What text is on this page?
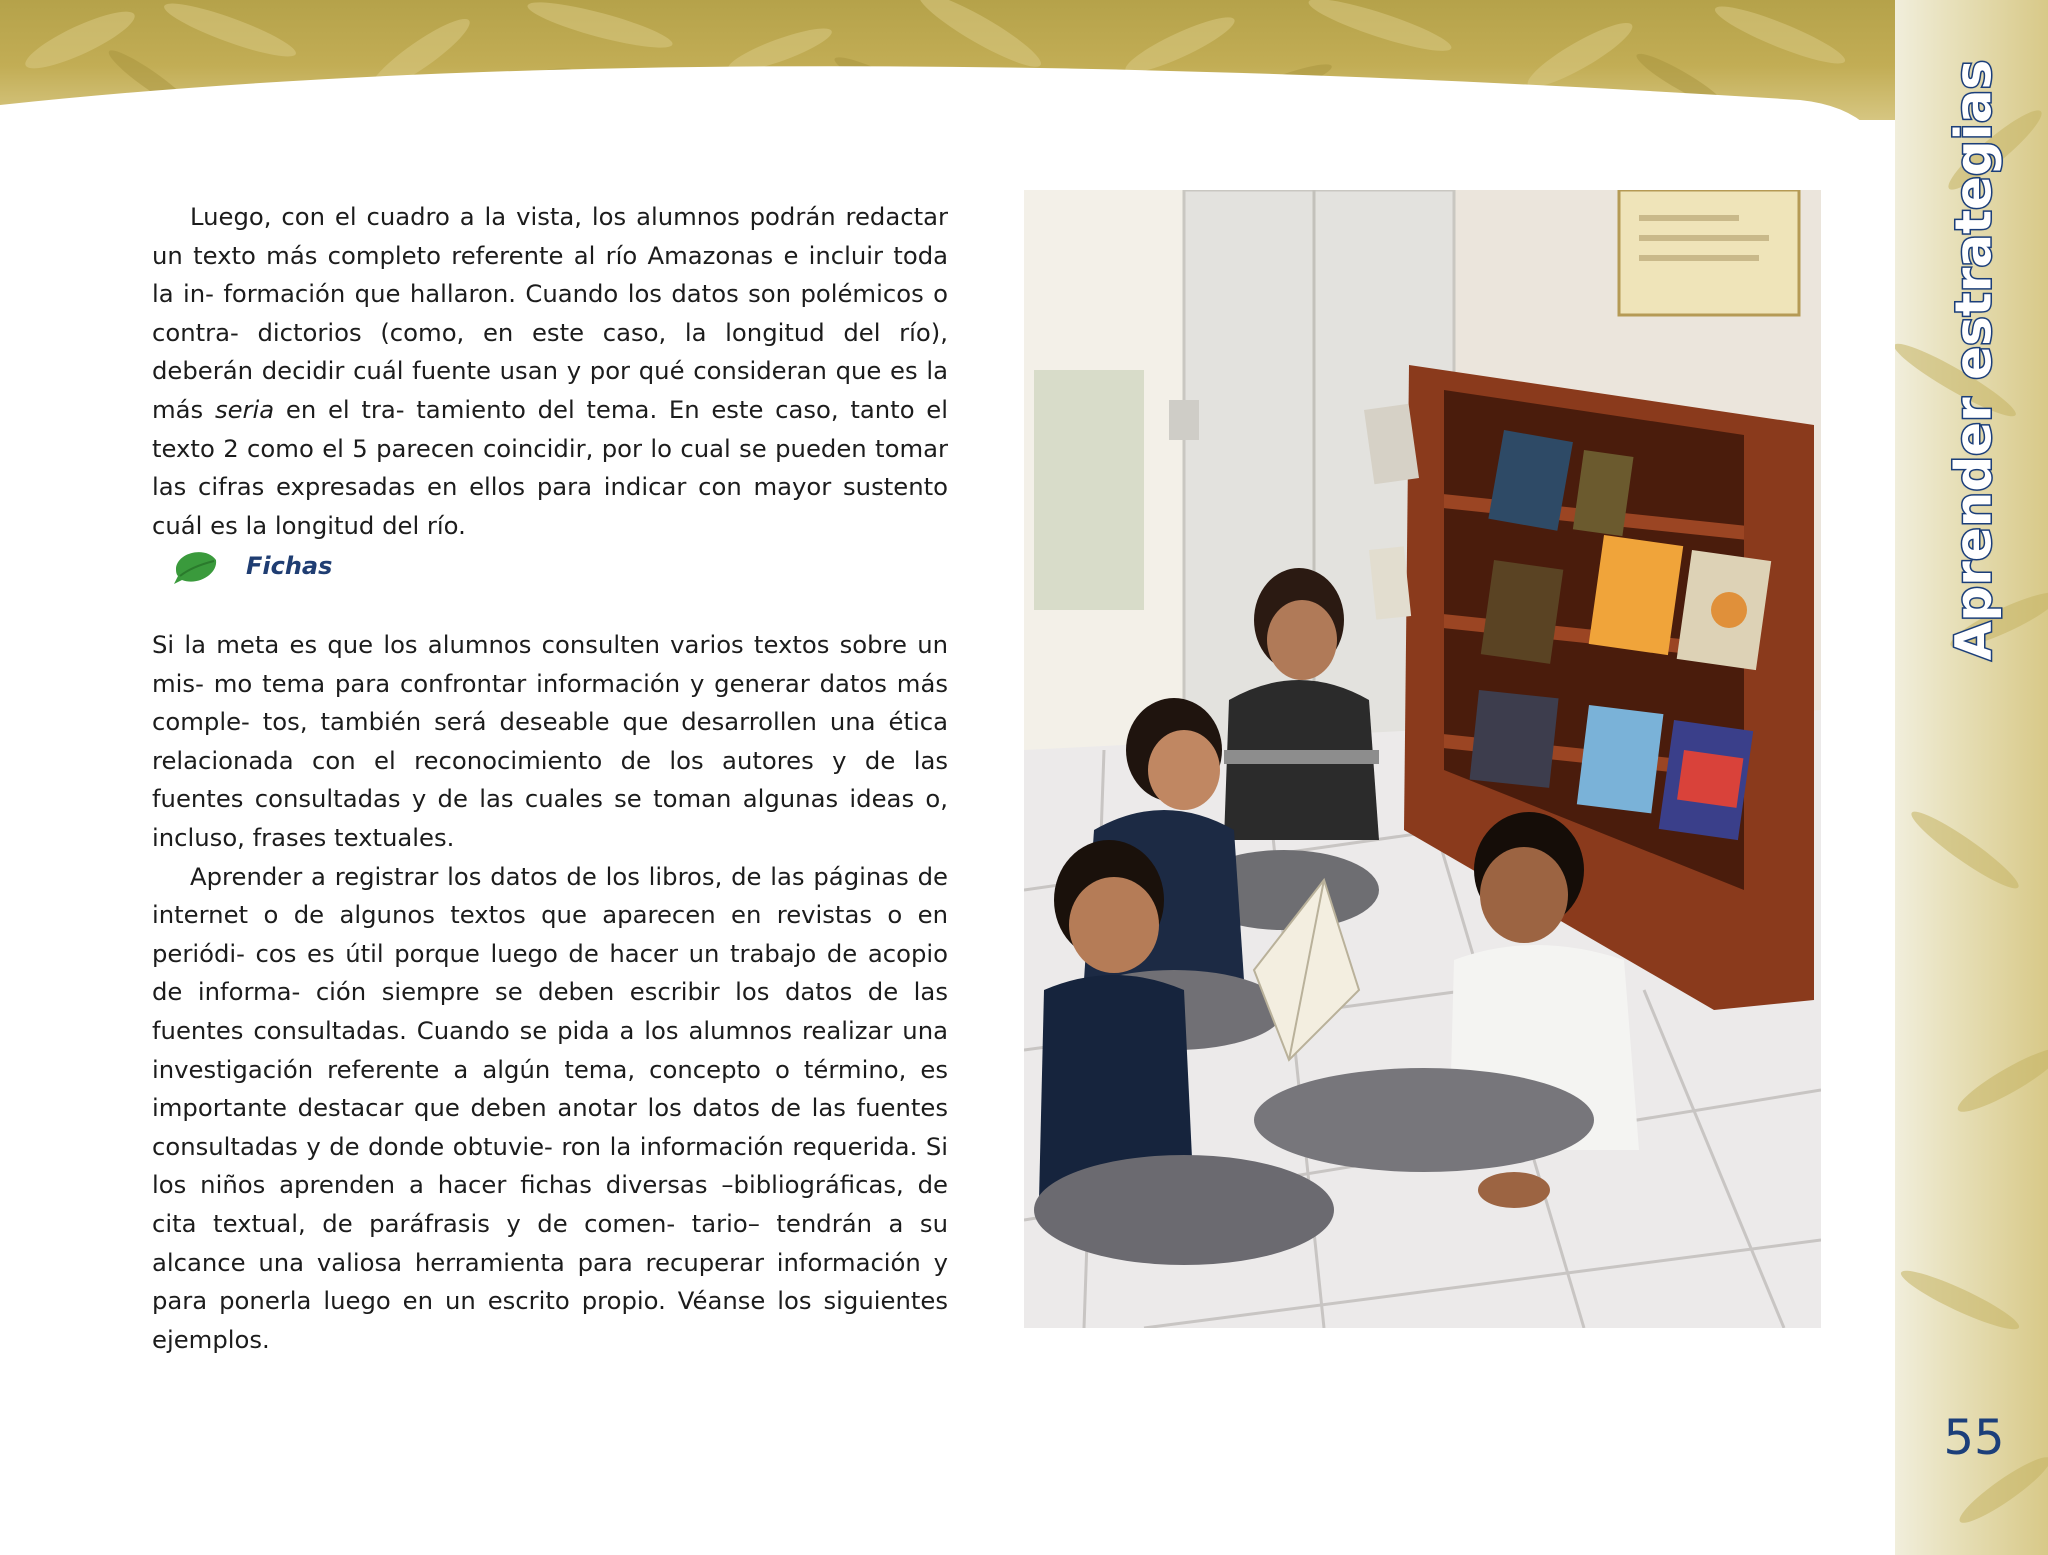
Aprender estrategias
55

Luego, con el cuadro a la vista, los alumnos podrán redactar un texto más completo referente al río Amazonas e incluir toda la in- formación que hallaron. Cuando los datos son polémicos o contra- dictorios (como, en este caso, la longitud del río), deberán decidir cuál fuente usan y por qué consideran que es la más seria en el tra- tamiento del tema. En este caso, tanto el texto 2 como el 5 parecen coincidir, por lo cual se pueden tomar las cifras expresadas en ellos para indicar con mayor sustento cuál es la longitud del río.

Fichas

Si la meta es que los alumnos consulten varios textos sobre un mis- mo tema para confrontar información y generar datos más comple- tos, también será deseable que desarrollen una ética relacionada con el reconocimiento de los autores y de las fuentes consultadas y de las cuales se toman algunas ideas o, incluso, frases textuales.

Aprender a registrar los datos de los libros, de las páginas de internet o de algunos textos que aparecen en revistas o en periódi- cos es útil porque luego de hacer un trabajo de acopio de informa- ción siempre se deben escribir los datos de las fuentes consultadas. Cuando se pida a los alumnos realizar una investigación referente a algún tema, concepto o término, es importante destacar que deben anotar los datos de las fuentes consultadas y de donde obtuvie- ron la información requerida. Si los niños aprenden a hacer fichas diversas –bibliográficas, de cita textual, de paráfrasis y de comen- tario– tendrán a su alcance una valiosa herramienta para recuperar información y para ponerla luego en un escrito propio. Véanse los siguientes ejemplos.
